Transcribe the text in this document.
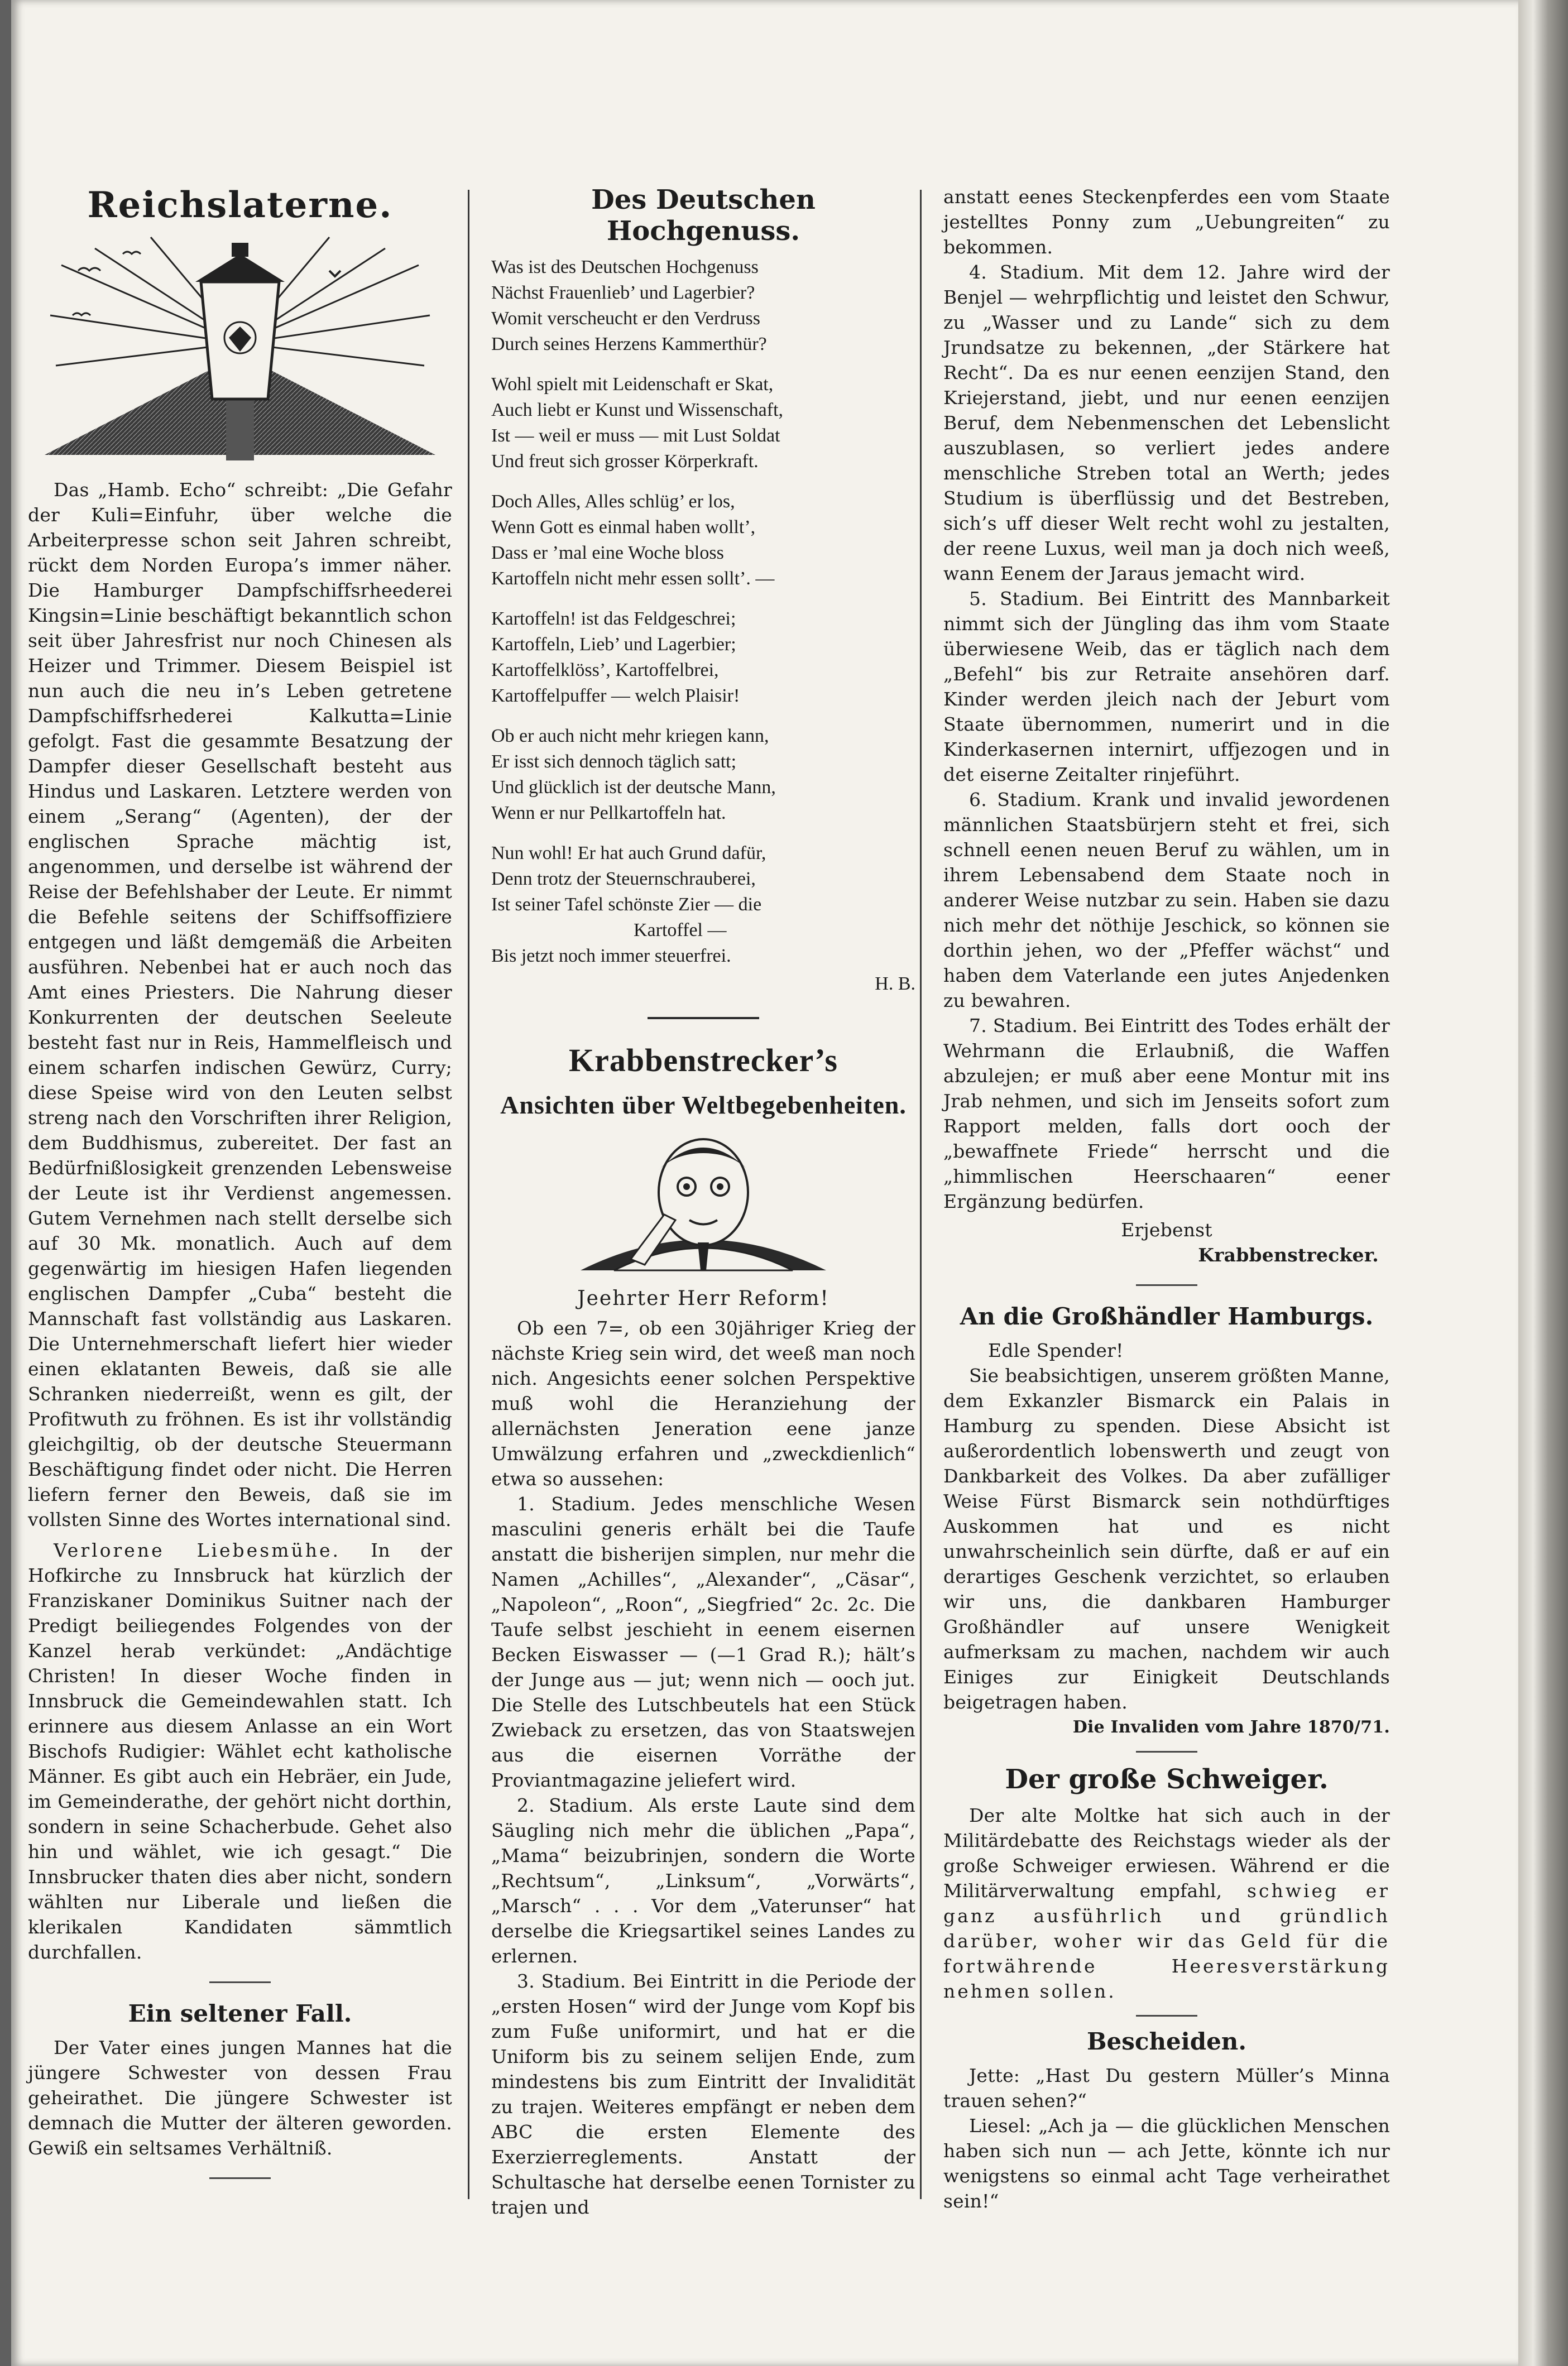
Reichslaterne.

Das „Hamb. Echo“ schreibt: „Die Gefahr der Kuli=Einfuhr, über welche die Arbeiterpresse schon seit Jahren schreibt, rückt dem Norden Europa’s immer näher. Die Hamburger Dampfschiffsrheederei Kingsin=Linie beschäftigt bekanntlich schon seit über Jahresfrist nur noch Chinesen als Heizer und Trimmer. Diesem Beispiel ist nun auch die neu in’s Leben getretene Dampfschiffsrhederei Kalkutta=Linie gefolgt. Fast die gesammte Besatzung der Dampfer dieser Gesellschaft besteht aus Hindus und Laskaren. Letztere werden von einem „Serang“ (Agenten), der der englischen Sprache mächtig ist, angenommen, und derselbe ist während der Reise der Befehlshaber der Leute. Er nimmt die Befehle seitens der Schiffsoffiziere entgegen und läßt demgemäß die Arbeiten ausführen. Nebenbei hat er auch noch das Amt eines Priesters. Die Nahrung dieser Konkurrenten der deutschen Seeleute besteht fast nur in Reis, Hammelfleisch und einem scharfen indischen Gewürz, Curry; diese Speise wird von den Leuten selbst streng nach den Vorschriften ihrer Religion, dem Buddhismus, zubereitet. Der fast an Bedürfnißlosigkeit grenzenden Lebensweise der Leute ist ihr Verdienst angemessen. Gutem Vernehmen nach stellt derselbe sich auf 30 Mk. monatlich. Auch auf dem gegenwärtig im hiesigen Hafen liegenden englischen Dampfer „Cuba“ besteht die Mannschaft fast vollständig aus Laskaren. Die Unternehmerschaft liefert hier wieder einen eklatanten Beweis, daß sie alle Schranken niederreißt, wenn es gilt, der Profitwuth zu fröhnen. Es ist ihr vollständig gleichgiltig, ob der deutsche Steuermann Beschäftigung findet oder nicht. Die Herren liefern ferner den Beweis, daß sie im vollsten Sinne des Wortes international sind.

Verlorene Liebesmühe. In der Hofkirche zu Innsbruck hat kürzlich der Franziskaner Dominikus Suitner nach der Predigt beiliegendes Folgendes von der Kanzel herab verkündet: „Andächtige Christen! In dieser Woche finden in Innsbruck die Gemeindewahlen statt. Ich erinnere aus diesem Anlasse an ein Wort Bischofs Rudigier: Wählet echt katholische Männer. Es gibt auch ein Hebräer, ein Jude, im Gemeinderathe, der gehört nicht dorthin, sondern in seine Schacherbude. Gehet also hin und wählet, wie ich gesagt.“ Die Innsbrucker thaten dies aber nicht, sondern wählten nur Liberale und ließen die klerikalen Kandidaten sämmtlich durchfallen.

Ein seltener Fall.

Der Vater eines jungen Mannes hat die jüngere Schwester von dessen Frau geheirathet. Die jüngere Schwester ist demnach die Mutter der älteren geworden. Gewiß ein seltsames Verhältniß.

Des Deutschen Hochgenuss.
Was ist des Deutschen Hochgenuss
Nächst Frauenlieb’ und Lagerbier?
Womit verscheucht er den Verdruss
Durch seines Herzens Kammerthür?
Wohl spielt mit Leidenschaft er Skat,
Auch liebt er Kunst und Wissenschaft,
Ist — weil er muss — mit Lust Soldat
Und freut sich grosser Körperkraft.
Doch Alles, Alles schlüg’ er los,
Wenn Gott es einmal haben wollt’,
Dass er ’mal eine Woche bloss
Kartoffeln nicht mehr essen sollt’. —
Kartoffeln! ist das Feldgeschrei;
Kartoffeln, Lieb’ und Lagerbier;
Kartoffelklöss’, Kartoffelbrei,
Kartoffelpuffer — welch Plaisir!
Ob er auch nicht mehr kriegen kann,
Er isst sich dennoch täglich satt;
Und glücklich ist der deutsche Mann,
Wenn er nur Pellkartoffeln hat.
Nun wohl! Er hat auch Grund dafür,
Denn trotz der Steuernschrauberei,
Ist seiner Tafel schönste Zier — die
Kartoffel —
Bis jetzt noch immer steuerfrei.
H. B.
Krabbenstrecker’s
Ansichten über Weltbegebenheiten.
Jeehrter Herr Reform!

Ob een 7=, ob een 30jähriger Krieg der nächste Krieg sein wird, det weeß man noch nich. Angesichts eener solchen Perspektive muß wohl die Heranziehung der allernächsten Jeneration eene janze Umwälzung erfahren und „zweckdienlich“ etwa so aussehen:

1. Stadium. Jedes menschliche Wesen masculini generis erhält bei die Taufe anstatt die bisherijen simplen, nur mehr die Namen „Achilles“, „Alexander“, „Cäsar“, „Napoleon“, „Roon“, „Siegfried“ 2c. 2c. Die Taufe selbst jeschieht in eenem eisernen Becken Eiswasser — (—1 Grad R.); hält’s der Junge aus — jut; wenn nich — ooch jut. Die Stelle des Lutschbeutels hat een Stück Zwieback zu ersetzen, das von Staatswejen aus die eisernen Vorräthe der Proviantmagazine jeliefert wird.

2. Stadium. Als erste Laute sind dem Säugling nich mehr die üblichen „Papa“, „Mama“ beizubrinjen, sondern die Worte „Rechtsum“, „Linksum“, „Vorwärts“, „Marsch“ . . . Vor dem „Vaterunser“ hat derselbe die Kriegsartikel seines Landes zu erlernen.

3. Stadium. Bei Eintritt in die Periode der „ersten Hosen“ wird der Junge vom Kopf bis zum Fuße uniformirt, und hat er die Uniform bis zu seinem selijen Ende, zum mindestens bis zum Eintritt der Invalidität zu trajen. Weiteres empfängt er neben dem ABC die ersten Elemente des Exerzierreglements. Anstatt der Schultasche hat derselbe eenen Tornister zu trajen und

anstatt eenes Steckenpferdes een vom Staate jestelltes Ponny zum „Uebungreiten“ zu bekommen.

4. Stadium. Mit dem 12. Jahre wird der Benjel — wehrpflichtig und leistet den Schwur, zu „Wasser und zu Lande“ sich zu dem Jrundsatze zu bekennen, „der Stärkere hat Recht“. Da es nur eenen eenzijen Stand, den Kriejerstand, jiebt, und nur eenen eenzijen Beruf, dem Nebenmenschen det Lebenslicht auszublasen, so verliert jedes andere menschliche Streben total an Werth; jedes Studium is überflüssig und det Bestreben, sich’s uff dieser Welt recht wohl zu jestalten, der reene Luxus, weil man ja doch nich weeß, wann Eenem der Jaraus jemacht wird.

5. Stadium. Bei Eintritt des Mannbarkeit nimmt sich der Jüngling das ihm vom Staate überwiesene Weib, das er täglich nach dem „Befehl“ bis zur Retraite ansehören darf. Kinder werden jleich nach der Jeburt vom Staate übernommen, numerirt und in die Kinderkasernen internirt, uffjezogen und in det eiserne Zeitalter rinjeführt.

6. Stadium. Krank und invalid jewordenen männlichen Staatsbürjern steht et frei, sich schnell eenen neuen Beruf zu wählen, um in ihrem Lebensabend dem Staate noch in anderer Weise nutzbar zu sein. Haben sie dazu nich mehr det nöthije Jeschick, so können sie dorthin jehen, wo der „Pfeffer wächst“ und haben dem Vaterlande een jutes Anjedenken zu bewahren.

7. Stadium. Bei Eintritt des Todes erhält der Wehrmann die Erlaubniß, die Waffen abzulejen; er muß aber eene Montur mit ins Jrab nehmen, und sich im Jenseits sofort zum Rapport melden, falls dort ooch der „bewaffnete Friede“ herrscht und die „himmlischen Heerschaaren“ eener Ergänzung bedürfen.

Erjebenst
Krabbenstrecker.
An die Großhändler Hamburgs.
Edle Spender!

Sie beabsichtigen, unserem größten Manne, dem Exkanzler Bismarck ein Palais in Hamburg zu spenden. Diese Absicht ist außerordentlich lobenswerth und zeugt von Dankbarkeit des Volkes. Da aber zufälliger Weise Fürst Bismarck sein nothdürftiges Auskommen hat und es nicht unwahrscheinlich sein dürfte, daß er auf ein derartiges Geschenk verzichtet, so erlauben wir uns, die dankbaren Hamburger Großhändler auf unsere Wenigkeit aufmerksam zu machen, nachdem wir auch Einiges zur Einigkeit Deutschlands beigetragen haben.

Die Invaliden vom Jahre 1870/71.
Der große Schweiger.

Der alte Moltke hat sich auch in der Militärdebatte des Reichstags wieder als der große Schweiger erwiesen. Während er die Militärverwaltung empfahl, schwieg er ganz ausführlich und gründlich darüber, woher wir das Geld für die fortwährende Heeresverstärkung nehmen sollen.

Bescheiden.

Jette: „Hast Du gestern Müller’s Minna trauen sehen?“

Liesel: „Ach ja — die glücklichen Menschen haben sich nun — ach Jette, könnte ich nur wenigstens so einmal acht Tage verheirathet sein!“
